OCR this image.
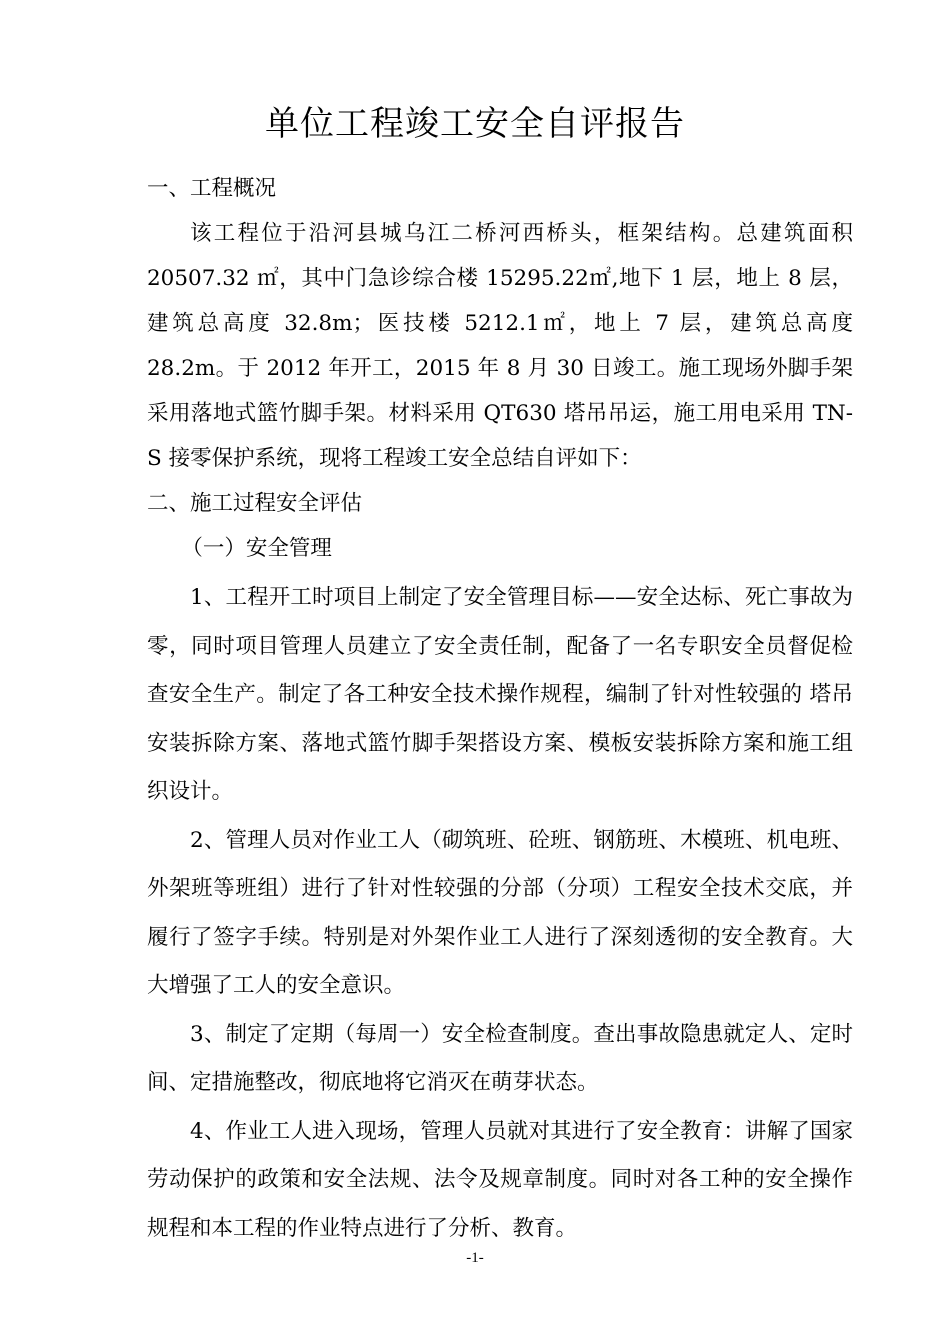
单位工程竣工安全自评报告

一、工程概况

该工程位于沿河县城乌江二桥河西桥头，框架结构。总建筑面积 20507.32 ㎡，其中门急诊综合楼 15295.22㎡,地下 1 层，地上 8 层，建筑总高度 32.8m；医技楼 5212.1㎡，地上 7 层，建筑总高度 28.2m。于 2012 年开工，2015 年 8 月 30 日竣工。施工现场外脚手架采用落地式篮竹脚手架。材料采用 QT630 塔吊吊运，施工用电采用 TN-S 接零保护系统，现将工程竣工安全总结自评如下：

二、施工过程安全评估

（一）安全管理

1、工程开工时项目上制定了安全管理目标——安全达标、死亡事故为零，同时项目管理人员建立了安全责任制，配备了一名专职安全员督促检查安全生产。制定了各工种安全技术操作规程，编制了针对性较强的 塔吊安装拆除方案、落地式篮竹脚手架搭设方案、模板安装拆除方案和施工组织设计。

2、管理人员对作业工人（砌筑班、砼班、钢筋班、木模班、机电班、外架班等班组）进行了针对性较强的分部（分项）工程安全技术交底，并履行了签字手续。特别是对外架作业工人进行了深刻透彻的安全教育。大大增强了工人的安全意识。

3、制定了定期（每周一）安全检查制度。查出事故隐患就定人、定时间、定措施整改，彻底地将它消灭在萌芽状态。

4、作业工人进入现场，管理人员就对其进行了安全教育：讲解了国家劳动保护的政策和安全法规、法令及规章制度。同时对各工种的安全操作规程和本工程的作业特点进行了分析、教育。

-1-
